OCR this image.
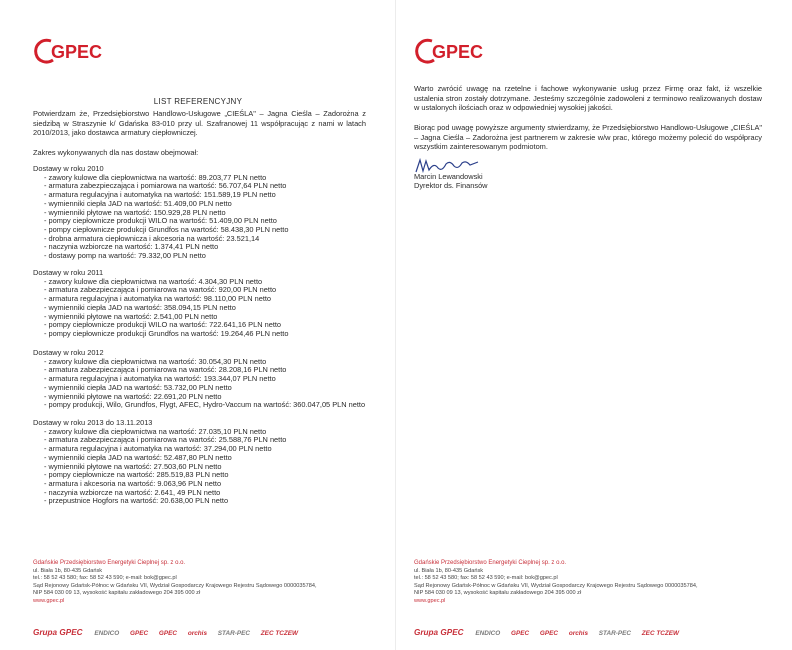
GPEC
LIST REFERENCYJNY
Potwierdzam że, Przedsiębiorstwo Handlowo-Usługowe „CIEŚLA" – Jagna Cieśla – Zadorożna z siedzibą w Straszynie k/ Gdańska 83-010 przy ul. Szafranowej 11 współpracując z nami w latach 2010/2013, jako dostawca armatury ciepłowniczej.
Zakres wykonywanych dla nas dostaw obejmował:
Dostawy w roku 2010
- zawory kulowe dla ciepłownictwa na wartość: 89.203,77 PLN netto
- armatura zabezpieczająca i pomiarowa na wartość: 56.707,64 PLN netto
- armatura regulacyjna i automatyka na wartość: 151.589,19 PLN netto
- wymienniki ciepła JAD na wartość: 51.409,00 PLN netto
- wymienniki płytowe na wartość: 150.929,28 PLN netto
- pompy ciepłownicze produkcji WILO na wartość: 51.409,00 PLN netto
- pompy ciepłownicze produkcji Grundfos na wartość: 58.438,30 PLN netto
- drobna armatura ciepłownicza i akcesoria na wartość: 23.521,14
- naczynia wzbiorcze na wartość: 1.374,41 PLN netto
- dostawy pomp na wartość: 79.332,00 PLN netto
Dostawy w roku 2011
- zawory kulowe dla ciepłownictwa na wartość: 4.304,30 PLN netto
- armatura zabezpieczająca i pomiarowa na wartość: 920,00 PLN netto
- armatura regulacyjna i automatyka na wartość: 98.110,00 PLN netto
- wymienniki ciepła JAD na wartość: 358.094,15 PLN netto
- wymienniki płytowe na wartość: 2.541,00 PLN netto
- pompy ciepłownicze produkcji WILO na wartość: 722.641,16 PLN netto
- pompy ciepłownicze produkcji Grundfos na wartość: 19.264,46 PLN netto
Dostawy w roku 2012
- zawory kulowe dla ciepłownictwa na wartość: 30.054,30 PLN netto
- armatura zabezpieczająca i pomiarowa na wartość: 28.208,16 PLN netto
- armatura regulacyjna i automatyka na wartość: 193.344,07 PLN netto
- wymienniki ciepła JAD na wartość: 53.732,00 PLN netto
- wymienniki płytowe na wartość: 22.691,20 PLN netto
- pompy produkcji, Wilo, Grundfos, Flygt, AFEC, Hydro-Vaccum na wartość: 360.047,05 PLN netto
Dostawy w roku 2013 do 13.11.2013
- zawory kulowe dla ciepłownictwa na wartość: 27.035,10 PLN netto
- armatura zabezpieczająca i pomiarowa na wartość: 25.588,76 PLN netto
- armatura regulacyjna i automatyka na wartość: 37.294,00 PLN netto
- wymienniki ciepła JAD na wartość: 52.487,80 PLN netto
- wymienniki płytowe na wartość: 27.503,60 PLN netto
- pompy ciepłownicze na wartość: 285.519,83 PLN netto
- armatura i akcesoria na wartość: 9.063,96 PLN netto
- naczynia wzbiorcze na wartość: 2.641, 49 PLN netto
- przepustnice Hogfors na wartość: 20.638,00 PLN netto
Gdańskie Przedsiębiorstwo Energetyki Cieplnej sp. z o.o.
ul. Biała 1b, 80-435 Gdańsk
tel.: 58 52 43 580; fax: 58 52 43 590; e-mail: bok@gpec.pl
Sąd Rejonowy Gdańsk-Północ w Gdańsku VII, Wydział Gospodarczy Krajowego Rejestru Sądowego 0000035784,
NIP 584 030 09 13, wysokość kapitału zakładowego 204 395 000 zł
www.gpec.pl
Grupa GPEC ENDICO GPEC GPEC orchis STAR-PEC ZEC TCZEW
GPEC
Warto zwrócić uwagę na rzetelne i fachowe wykonywanie usług przez Firmę oraz fakt, iż wszelkie ustalenia stron zostały dotrzymane. Jesteśmy szczególnie zadowoleni z terminowo realizowanych dostaw w ustalonych ilościach oraz w odpowiedniej wysokiej jakości.
Biorąc pod uwagę powyższe argumenty stwierdzamy, że Przedsiębiorstwo Handlowo-Usługowe „CIEŚLA" – Jagna Cieśla – Zadorożna jest partnerem w zakresie w/w prac, którego możemy polecić do współpracy wszystkim zainteresowanym podmiotom.
Marcin Lewandowski
Dyrektor ds. Finansów
Gdańskie Przedsiębiorstwo Energetyki Cieplnej sp. z o.o.
ul. Biała 1b, 80-435 Gdańsk
tel.: 58 52 43 580; fax: 58 52 43 590; e-mail: bok@gpec.pl
Sąd Rejonowy Gdańsk-Północ w Gdańsku VII, Wydział Gospodarczy Krajowego Rejestru Sądowego 0000035784,
NIP 584 030 09 13, wysokość kapitału zakładowego 204 395 000 zł
www.gpec.pl
Grupa GPEC ENDICO GPEC GPEC orchis STAR-PEC ZEC TCZEW
